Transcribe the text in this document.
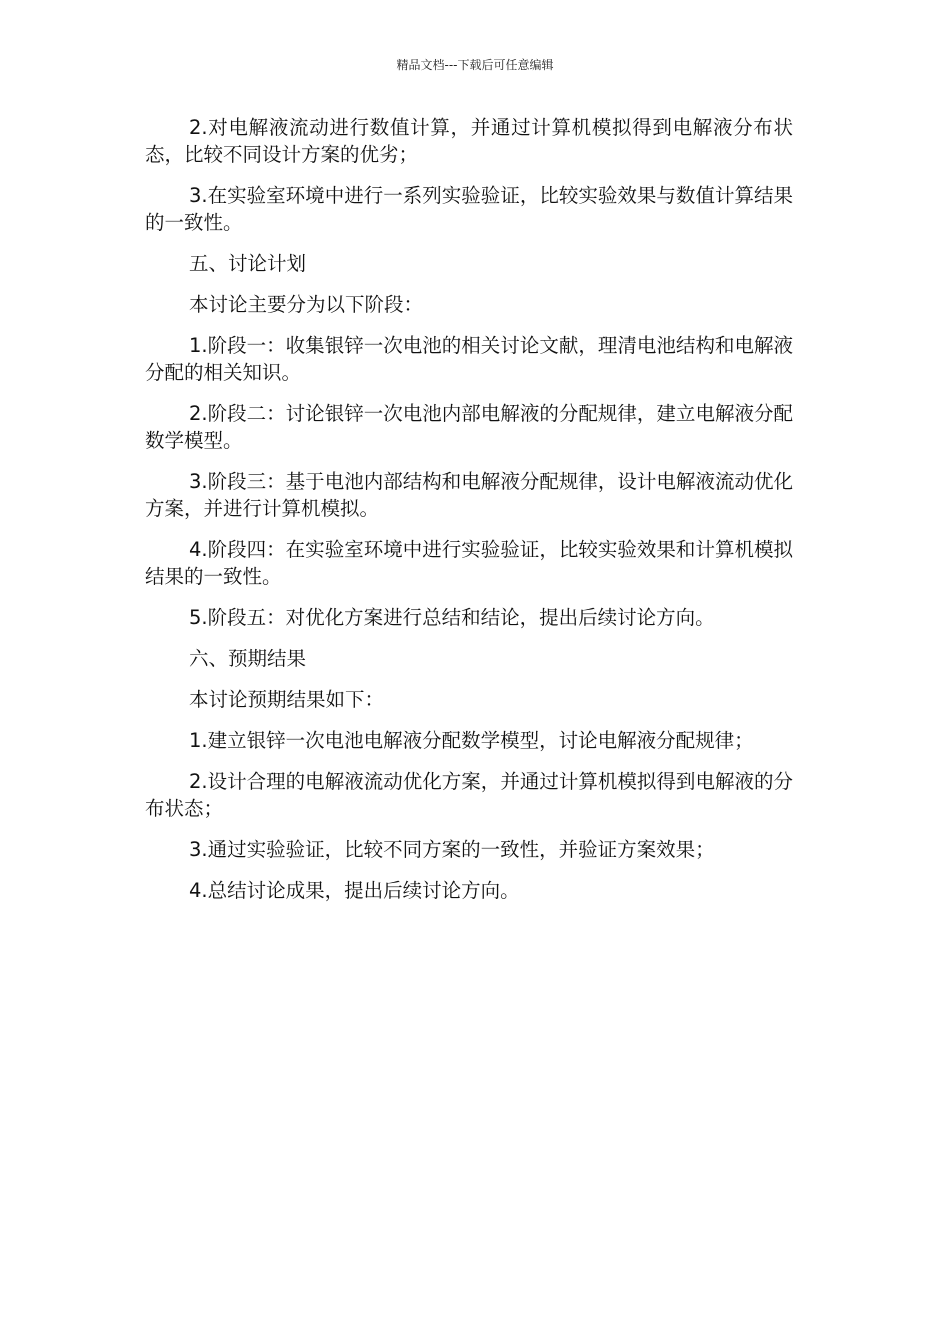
精品文档---下载后可任意编辑

2.对电解液流动进行数值计算，并通过计算机模拟得到电解液分布状态，比较不同设计方案的优劣；

3.在实验室环境中进行一系列实验验证，比较实验效果与数值计算结果的一致性。

五、讨论计划

本讨论主要分为以下阶段：

1.阶段一：收集银锌一次电池的相关讨论文献，理清电池结构和电解液分配的相关知识。

2.阶段二：讨论银锌一次电池内部电解液的分配规律，建立电解液分配数学模型。

3.阶段三：基于电池内部结构和电解液分配规律，设计电解液流动优化方案，并进行计算机模拟。

4.阶段四：在实验室环境中进行实验验证，比较实验效果和计算机模拟结果的一致性。

5.阶段五：对优化方案进行总结和结论，提出后续讨论方向。

六、预期结果

本讨论预期结果如下：

1.建立银锌一次电池电解液分配数学模型，讨论电解液分配规律；

2.设计合理的电解液流动优化方案，并通过计算机模拟得到电解液的分布状态；

3.通过实验验证，比较不同方案的一致性，并验证方案效果；

4.总结讨论成果，提出后续讨论方向。
